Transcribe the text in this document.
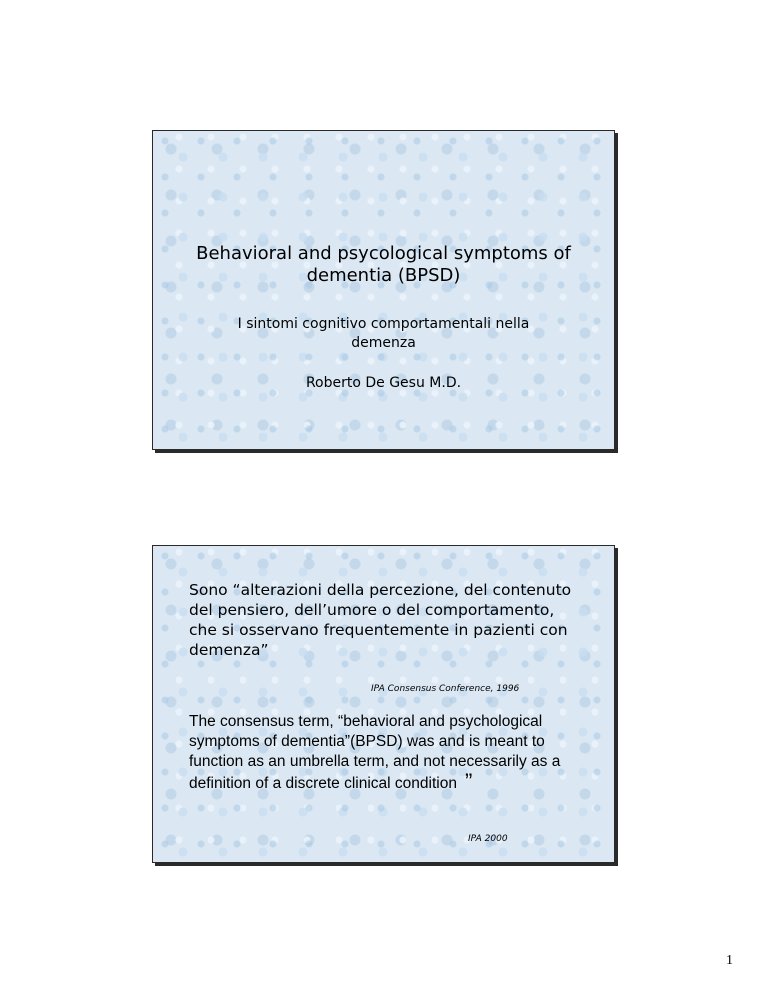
Behavioral and psycological symptoms of dementia (BPSD)
I sintomi cognitivo comportamentali nella demenza
Roberto De Gesu M.D.
Sono “alterazioni della percezione, del contenuto del pensiero, dell’umore o del comportamento, che si osservano frequentemente in pazienti con demenza”
IPA Consensus Conference, 1996
The consensus term, “behavioral and psychological symptoms of dementia”(BPSD) was and is meant to function as an umbrella term, and not necessarily as a definition of a discrete clinical condition ”
IPA 2000
1
